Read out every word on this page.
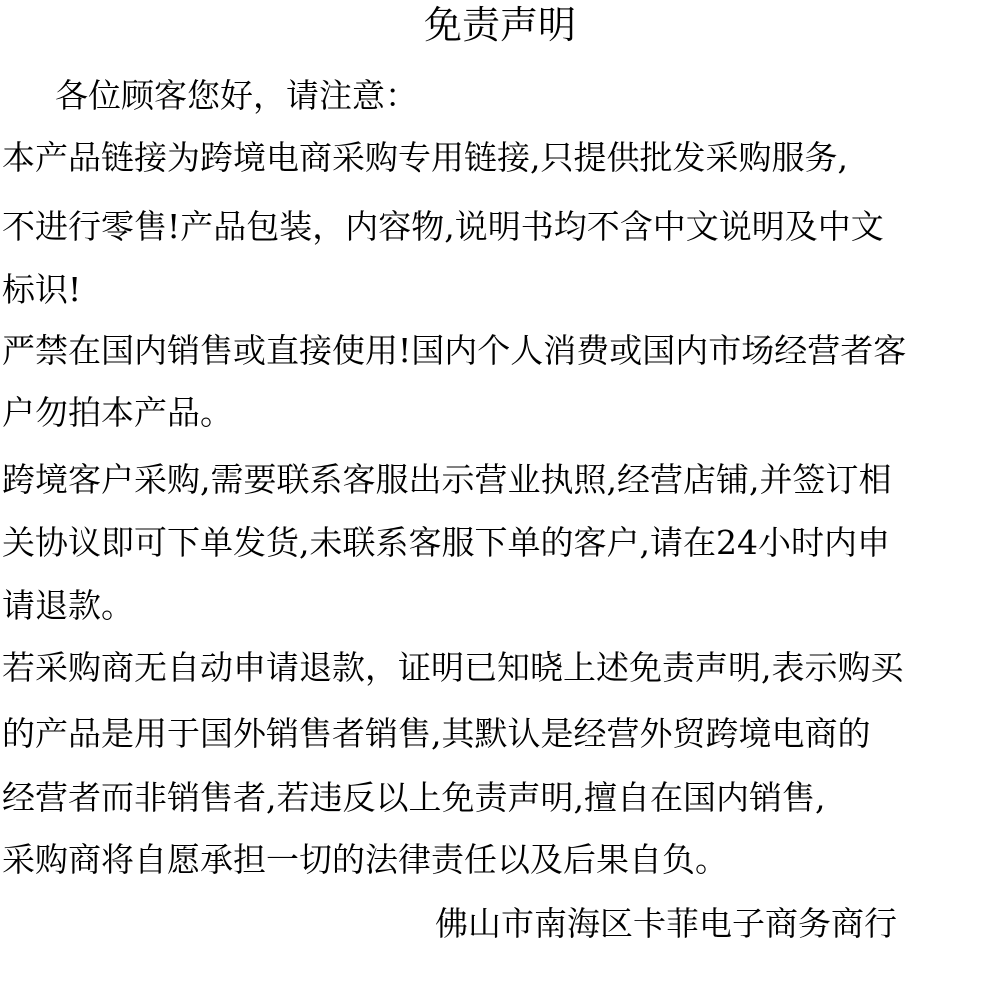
免责声明
各位顾客您好，请注意：
本产品链接为跨境电商采购专用链接,只提供批发采购服务,
不进行零售!产品包装，内容物,说明书均不含中文说明及中文
标识!
严禁在国内销售或直接使用!国内个人消费或国内市场经营者客
户勿拍本产品。
跨境客户采购,需要联系客服出示营业执照,经营店铺,并签订相
关协议即可下单发货,未联系客服下单的客户,请在24小时内申
请退款。
若采购商无自动申请退款，证明已知晓上述免责声明,表示购买
的产品是用于国外销售者销售,其默认是经营外贸跨境电商的
经营者而非销售者,若违反以上免责声明,擅自在国内销售,
采购商将自愿承担一切的法律责任以及后果自负。
佛山市南海区卡菲电子商务商行
